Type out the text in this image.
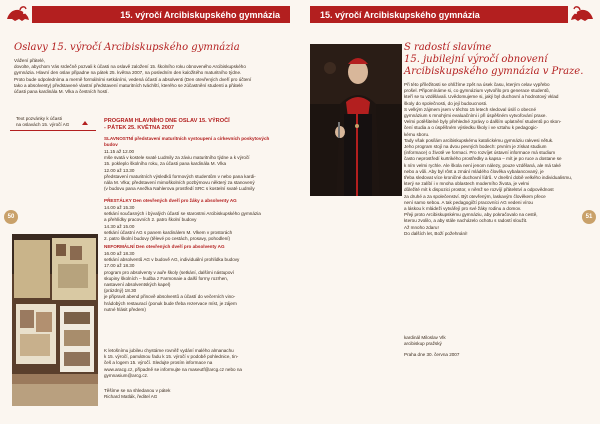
15. výročí Arcibiskupského gymnázia
Oslavy 15. výročí Arcibiskupského gymnázia
Vážení přátelé,
dovolte, abychom Vás srdečně pozvali k účasti na oslavě založení 15. školního roku obnoveného Arcibiskupského
gymnázia. Hlavní den oslav připadne na pátek 25. května 2007, na posledním den kaložitého maturitního týdne.
Proto bude odpoledníma a merně formálními setkáními, vedená účastí a absolventi (Den otevřených dveří pro účtení
tako a absolventy) představené vlastní představení maturitních tváchští, kterého se zúčastnění studenti a přátelé
účasti pana kardinála M. Vlka a čestních hostí.
Text pozvánky k účasti
na oslavách 15. výročí AG
50
PROGRAM HLAVNÍHO DNE OSLAV 15. VÝROČÍ
- PÁTEK 25. KVĚTNA 2007
SLAVNOSTNÍ představení maturitních vystoupení a církevních poskytových
budov
11.15 až 12.00
mše svatá v kostele svaté Ludmily za záviu maturitního týdne a k výročí
15. pokleplo školního roku, za účasti pana kardinála M. Vlka
12.00 až 13.30
představení maturitních výsledků formových studentům v nebo pana kardi-
nála M. Vlka; představení mimoškolních pozbýmovu některý za stanovený
(v budovu pana Anežka Nahlerova prostředí SRC s kostelní svaté Ludmily
PŘESTÁLKY Den otevřených dveří pro žáky a absolventy AG
14.00 až 15.30
setkání současných i bývalých účastí se starostmi Arcibiskupského gymnázia
a přehlídky pracovních 2. patro školní budovy
14.30 až 15.00
setkání účastní AG s panem kardinálem M. Vlkem v prostorách
2. patro školní budovy (tělevé po cestách, prosavy, pohodlení)
NEFORMÁLNÍ Den otevřených dveří pro absolventy AG
16.00 až 18.30
setkání absolventů AG v budově AG, individuální prohlídka budovy
17.00 až 18.30
program pro absolventy v auře školy (setkání, dalšími nástupoví
skupiny školních – hudba z Farmonaie a další formy rozrhen,
nastavení absolventských kapel)
(prázdný) 18.30
je připravit abend přinově absolventů a účastí do večerních vino-
hrádobých restaurací (ponuk bude třeba rezervace míst, je zájem
nutné hlásit předem)
K letošnímu jubileu chystáme rovněž vydání malého almanachu
k 15. výročí, památnou řadu k 15. výročí v podobě pohlednice, tin-
češ a logem 15. výročí. Sledujte prosím informace na
www.aracg.cz, případně se informujte na maseutf@arcg.cz nebo na
gymnasium@arcg.cz.
Těšíme se na shledanou v pátek
Richard Matlák, ředitel AG
15. výročí Arcibiskupského gymnázia
S radostí slavíme
15. jubilejní výročí obnovení
Arcibiskupského gymnázia v Praze.
Při této příležitosti se ohlížíme zpět na úsek času, kterým celav vypřebo
prošel. Připomínáme si, co gymnázium vytvořilo pro generace studentů,
kteří se tu vzdělávali. Uvědomujeme si, jaký byl duchovní a hodnotový vklad
školy do společnosti, do její budoucnosti.
S velkým zájmem jsem v těchto 15 letech sledoval úsilí o obecné
gymnázium s mnohými evaluačními i při úspěšném vytvořování praxe.
Velmi potěšitelné byly přehledné zprávy o dalším uplatnění studentů po skon-
čení studia a o úspěšném výsledku školy i ve vztahu k pedagogic-
kému sboru.
Tady však posílám arcibiskupskému katolickému gymnáziu rakvesi nětuk.
Jeho program stojí na dvou pevných bodech: prvním je získat studium
(informace) o životě ve formaci. Pro rozvíjet ústavní informace má studium
často neprostředí kurtrikého prostředky a kapsa – mít je po ruce a dostane se
k ním velmi rychle. Ale škola není jenom nálezy, pouze vzdělaná, ale má také
nebo a vůli. Aby byl rôst a zmání mládého člověka vybalancovaný, je
třeba sledovat více kroničné duchovní lídrů. V dnešní době velkého individualismu,
který se zalíbí i v mnoha oblastech moderního života, je velmi
důležité mít k dispozici prostor, v němž se rozvíjí přátelství a odpovědnost
za druhé a za společenství. Být otevřeným, laskavým člověkem přece
není samo sebou. A tak pedagogičtí pracovníci AG vedeni vírou
a láskou k mládeži vytvářejí pro své žáky rodinu a domov.
Přeji proto Arcibiskupskému gymnáziu, aby pokračovalo na cestě,
kterou zvolilo, a aby stále nacházelo ochotu s radostí sloužit.
Až mnoho zdaru!
Do dalších let, Boží požehnání!
kardinál Miloslav Vlk
arcibiskup pražský
Praha dne 30. června 2007
51
